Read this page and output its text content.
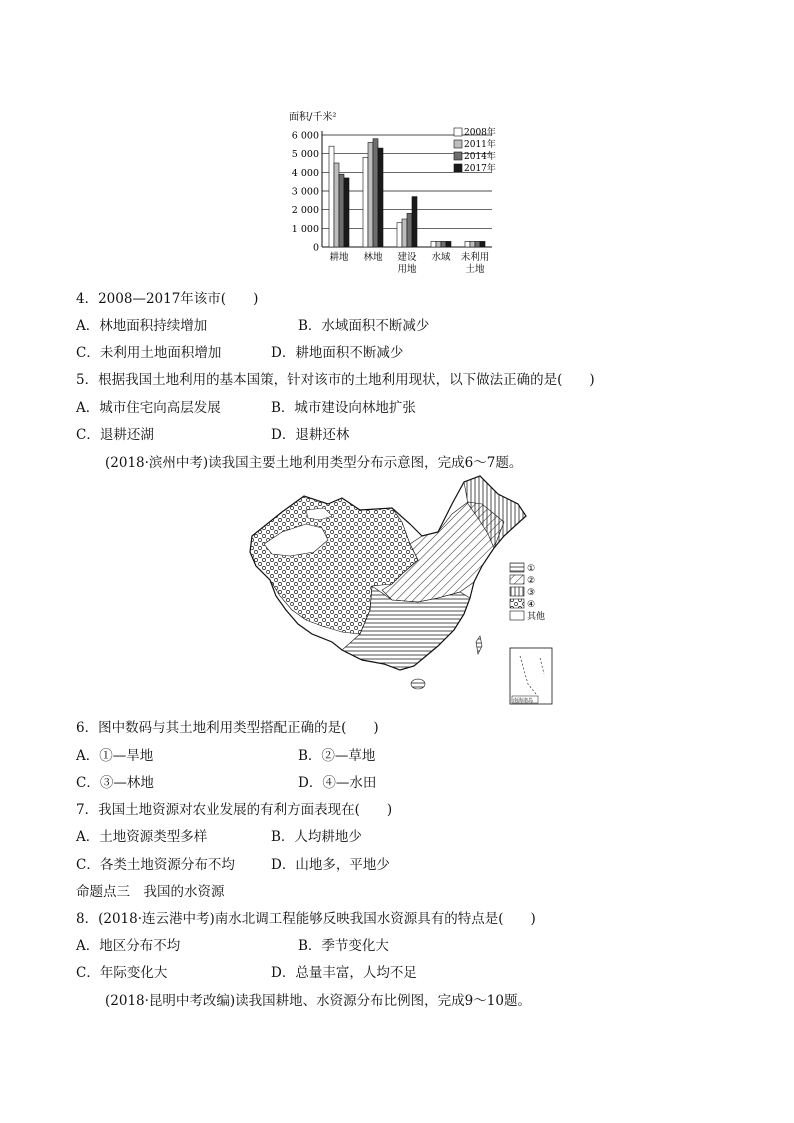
面积/千米²
0
1 000
2 000
3 000
4 000
5 000
6 000
耕地 林地 建设
用地
水域 未利用
土地
2008年
2011年
2014年
2017年
4．2008—2017年该市(　　)
A．林地面积持续增加	B．水域面积不断减少
C．未利用土地面积增加	D．耕地面积不断减少
5．根据我国土地利用的基本国策，针对该市的土地利用现状，以下做法正确的是(　　)
A．城市住宅向高层发展	B．城市建设向林地扩张
C．退耕还湖	D．退耕还林
(2018·滨州中考)读我国主要土地利用类型分布示意图，完成6～7题。
①
②
③
④
其他
南海诸岛
6．图中数码与其土地利用类型搭配正确的是(　　)
A．①—旱地	B．②—草地
C．③—林地	D．④—水田
7．我国土地资源对农业发展的有利方面表现在(　　)
A．土地资源类型多样	B．人均耕地少
C．各类土地资源分布不均	D．山地多，平地少
命题点三　我国的水资源
8．(2018·连云港中考)南水北调工程能够反映我国水资源具有的特点是(　　)
A．地区分布不均	B．季节变化大
C．年际变化大	D．总量丰富，人均不足
(2018·昆明中考改编)读我国耕地、水资源分布比例图，完成9～10题。
